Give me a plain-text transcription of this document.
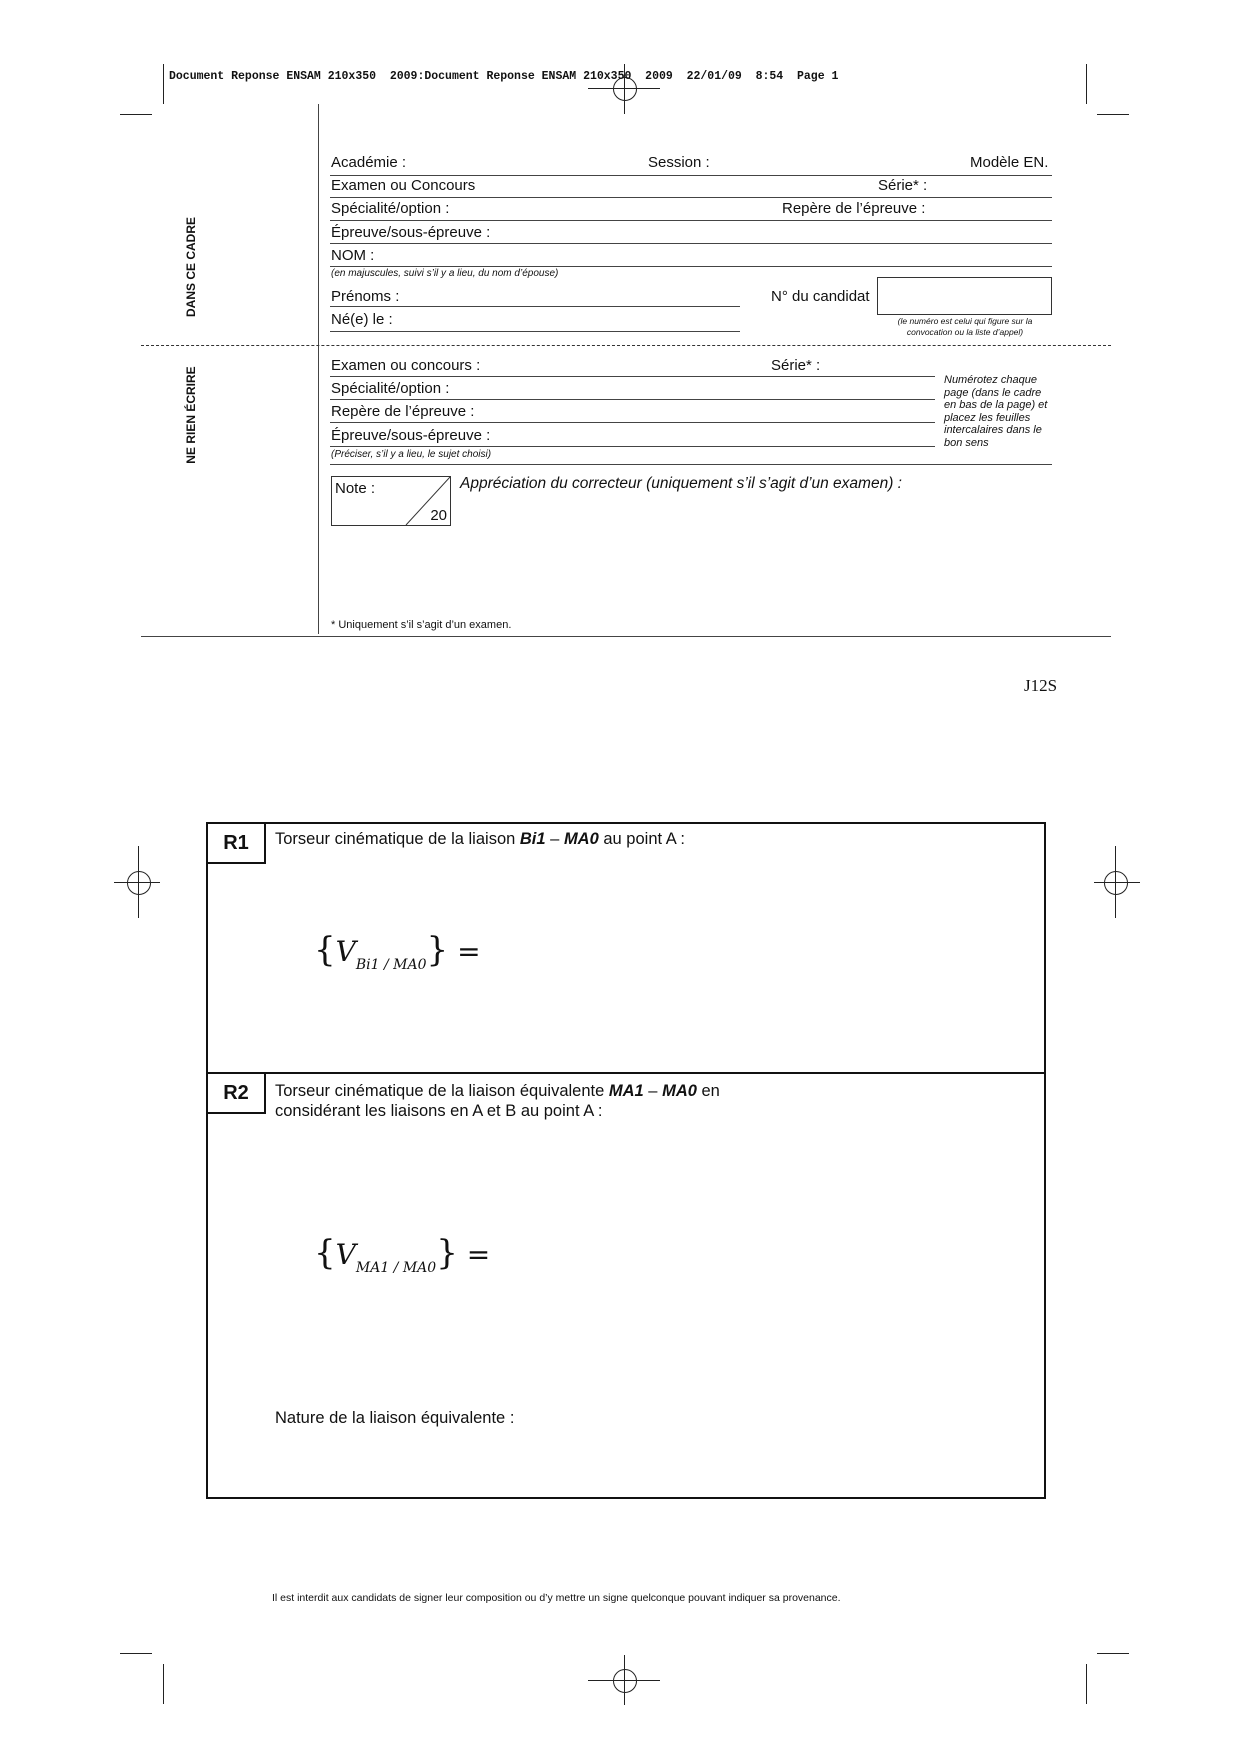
Document Reponse ENSAM 210x350  2009:Document Reponse ENSAM 210x350  2009  22/01/09  8:54  Page 1
DANS CE CADRE
NE RIEN ÉCRIRE
Académie :	Session :	Modèle EN.
Examen ou Concours	Série* :
Spécialité/option :	Repère de l’épreuve :
Épreuve/sous-épreuve :
NOM :
(en majuscules, suivi s’il y a lieu, du nom d’épouse)
Prénoms :	N° du candidat
(le numéro est celui qui figure sur la
convocation ou la liste d’appel)
Né(e) le :
Examen ou concours :	Série* :
Spécialité/option :
Repère de l’épreuve :
Épreuve/sous-épreuve :
(Préciser, s’il y a lieu, le sujet choisi)
Numérotez chaque
page (dans le cadre
en bas de la page) et
placez les feuilles
intercalaires dans le
bon sens
Note :
20
Appréciation du correcteur (uniquement s’il s’agit d’un examen) :
* Uniquement s’il s’agit d’un examen.
J12S
R1	Torseur cinématique de la liaison Bi1 – MA0 au point A :
$\{V_{Bi1 / MA0}\}$ =
R2	Torseur cinématique de la liaison équivalente MA1 – MA0 en
considérant les liaisons en A et B au point A :
$\{V_{MA1 / MA0}\}$ =
Nature de la liaison équivalente :
Il est interdit aux candidats de signer leur composition ou d’y mettre un signe quelconque pouvant indiquer sa provenance.
